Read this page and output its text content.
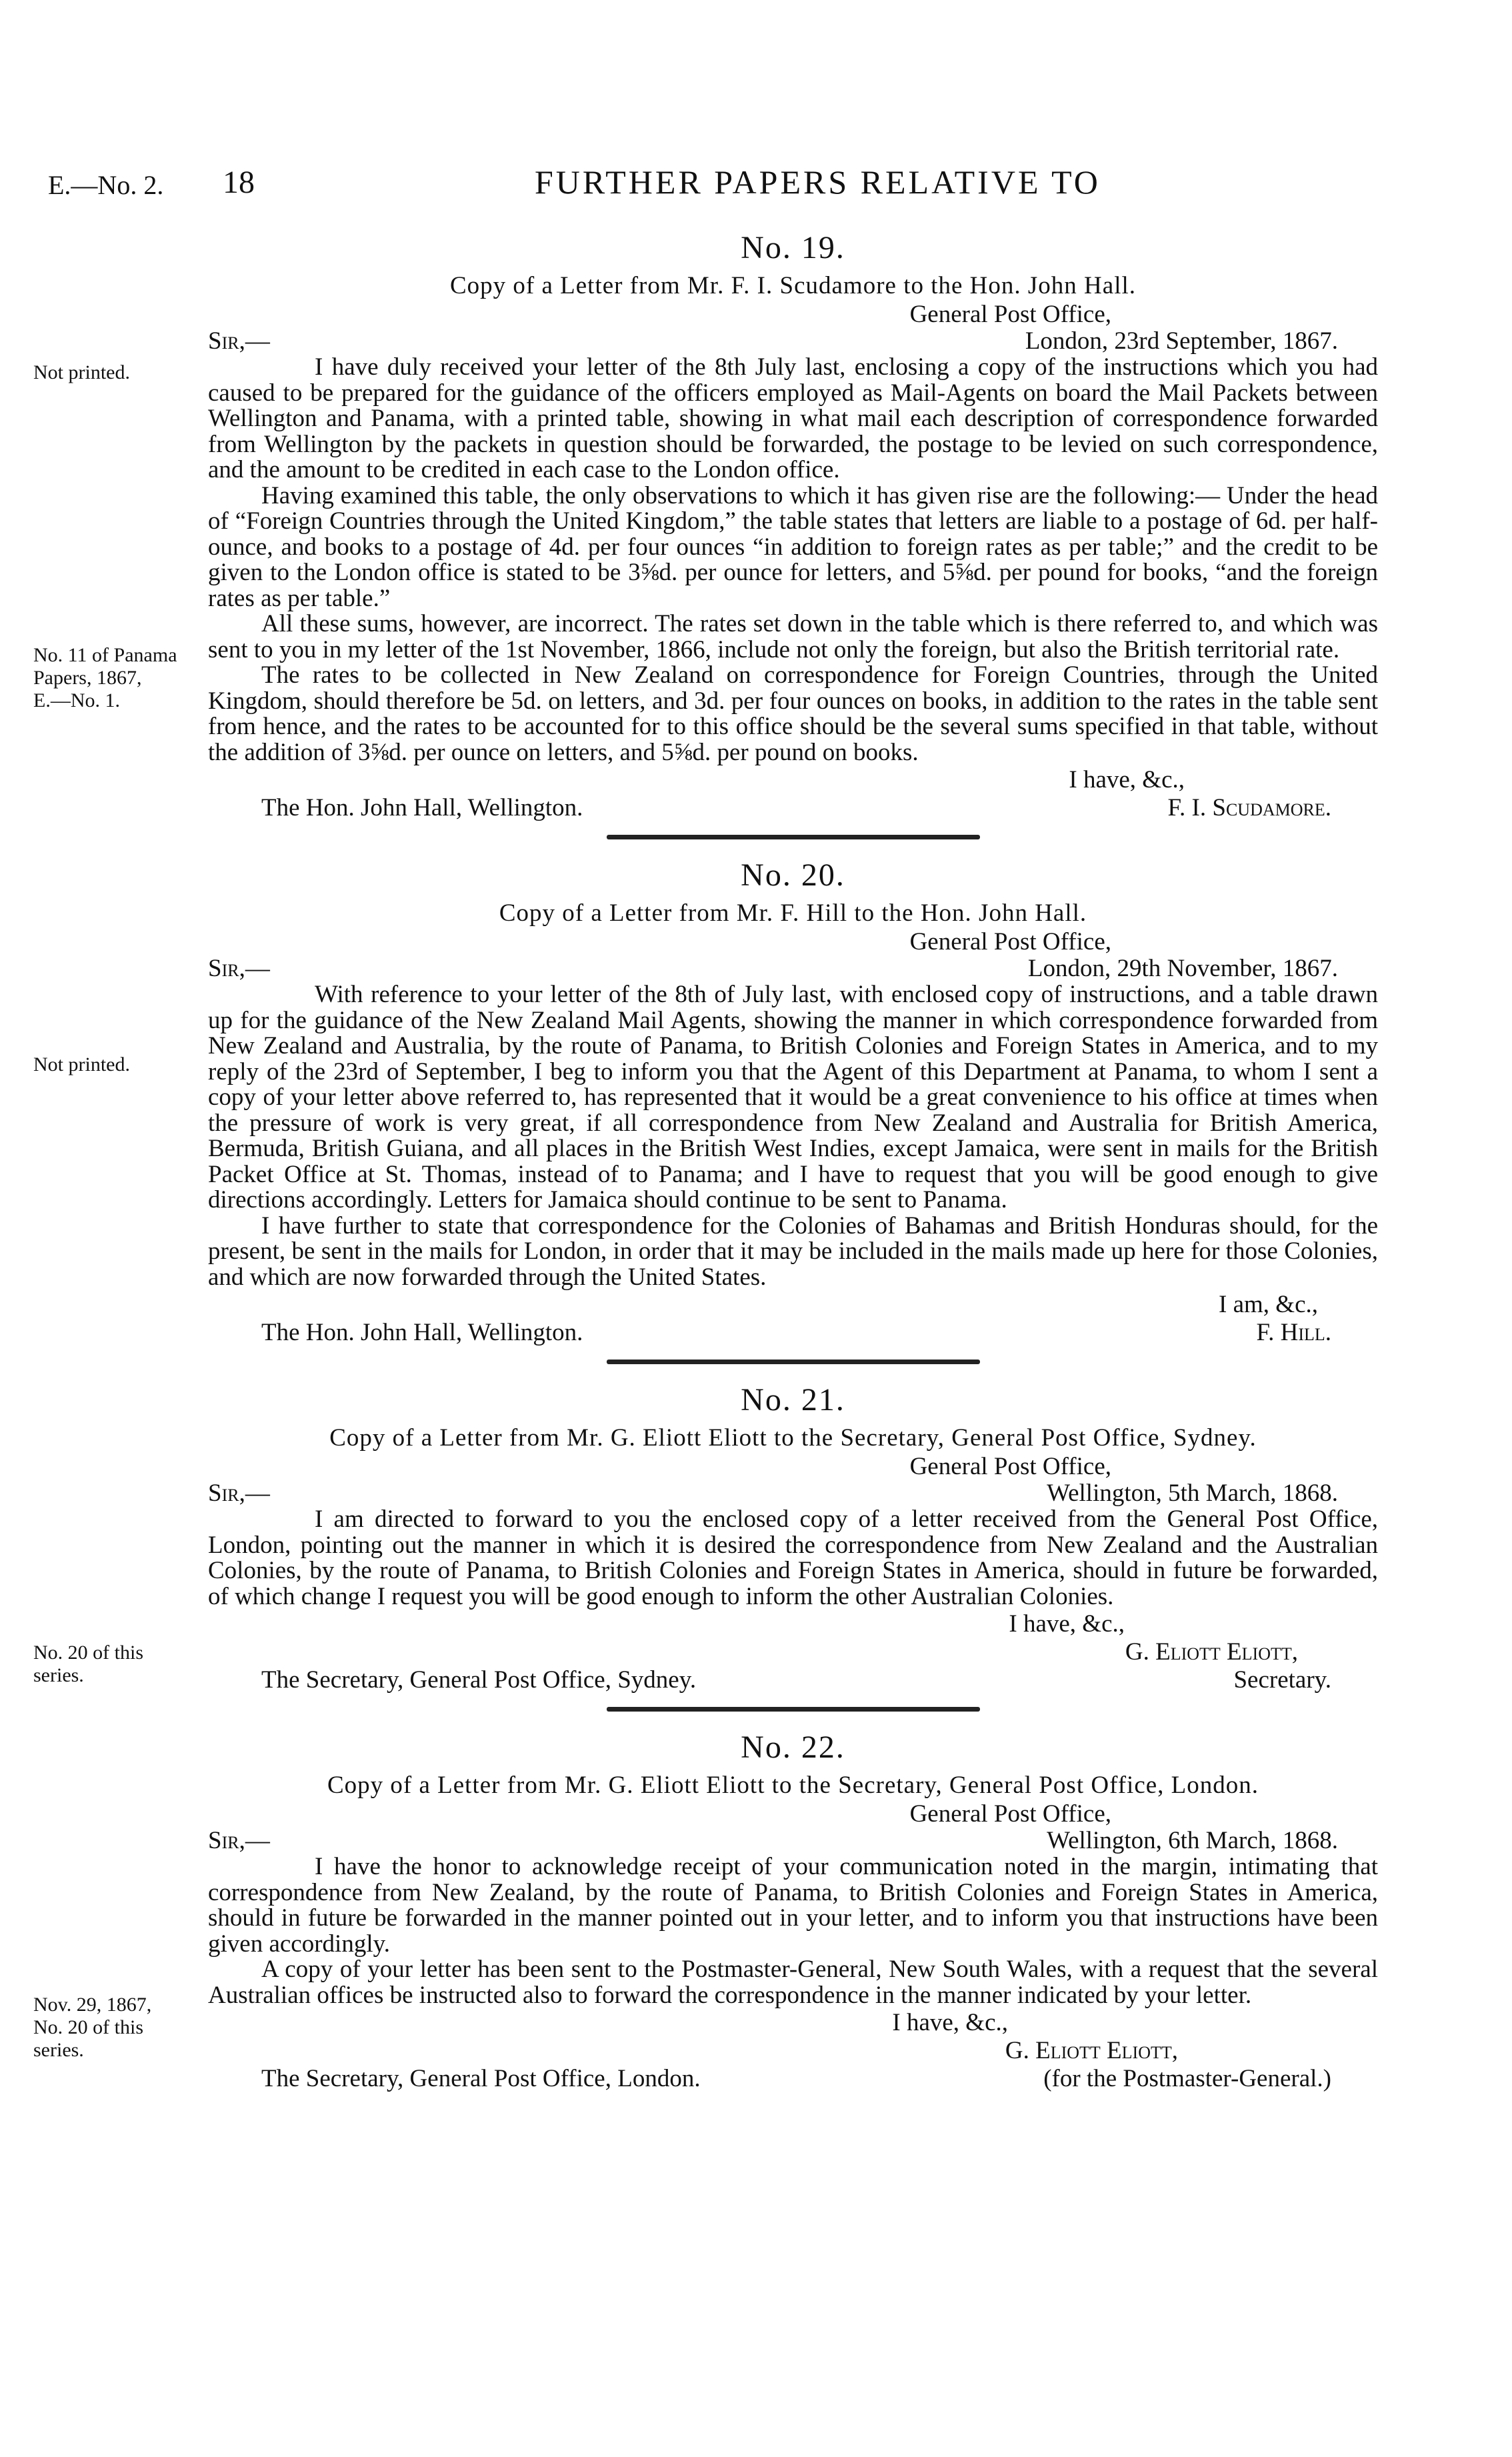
E.—No. 2. 18	FURTHER PAPERS RELATIVE TO
Not printed.
No. 11 of Panama
Papers, 1867,
E.—No. 1.
Not printed.
No. 20 of this
series.
Nov. 29, 1867,
No. 20 of this
series.
No. 19.
Copy of a Letter from Mr. F. I. Scudamore to the Hon. John Hall.
General Post Office,
Sir,—	London, 23rd September, 1867.

I have duly received your letter of the 8th July last, enclosing a copy of the instructions which you had caused to be prepared for the guidance of the officers employed as Mail-Agents on board the Mail Packets between Wellington and Panama, with a printed table, showing in what mail each description of correspondence forwarded from Wellington by the packets in question should be forwarded, the postage to be levied on such correspondence, and the amount to be credited in each case to the London office.

Having examined this table, the only observations to which it has given rise are the following:— Under the head of “Foreign Countries through the United Kingdom,” the table states that letters are liable to a postage of 6d. per half-ounce, and books to a postage of 4d. per four ounces “in addition to foreign rates as per table;” and the credit to be given to the London office is stated to be 3⅝d. per ounce for letters, and 5⅝d. per pound for books, “and the foreign rates as per table.”

All these sums, however, are incorrect. The rates set down in the table which is there referred to, and which was sent to you in my letter of the 1st November, 1866, include not only the foreign, but also the British territorial rate.

The rates to be collected in New Zealand on correspondence for Foreign Countries, through the United Kingdom, should therefore be 5d. on letters, and 3d. per four ounces on books, in addition to the rates in the table sent from hence, and the rates to be accounted for to this office should be the several sums specified in that table, without the addition of 3⅝d. per ounce on letters, and 5⅝d. per pound on books.

I have, &c.,
The Hon. John Hall, Wellington.	F. I. Scudamore.
No. 20.
Copy of a Letter from Mr. F. Hill to the Hon. John Hall.
General Post Office,
Sir,—	London, 29th November, 1867.

With reference to your letter of the 8th of July last, with enclosed copy of instructions, and a table drawn up for the guidance of the New Zealand Mail Agents, showing the manner in which correspondence forwarded from New Zealand and Australia, by the route of Panama, to British Colonies and Foreign States in America, and to my reply of the 23rd of September, I beg to inform you that the Agent of this Department at Panama, to whom I sent a copy of your letter above referred to, has represented that it would be a great convenience to his office at times when the pressure of work is very great, if all correspondence from New Zealand and Australia for British America, Bermuda, British Guiana, and all places in the British West Indies, except Jamaica, were sent in mails for the British Packet Office at St. Thomas, instead of to Panama; and I have to request that you will be good enough to give directions accordingly. Letters for Jamaica should continue to be sent to Panama.

I have further to state that correspondence for the Colonies of Bahamas and British Honduras should, for the present, be sent in the mails for London, in order that it may be included in the mails made up here for those Colonies, and which are now forwarded through the United States.

I am, &c.,
The Hon. John Hall, Wellington.	F. Hill.
No. 21.
Copy of a Letter from Mr. G. Eliott Eliott to the Secretary, General Post Office, Sydney.
General Post Office,
Sir,—	Wellington, 5th March, 1868.

I am directed to forward to you the enclosed copy of a letter received from the General Post Office, London, pointing out the manner in which it is desired the correspondence from New Zealand and the Australian Colonies, by the route of Panama, to British Colonies and Foreign States in America, should in future be forwarded, of which change I request you will be good enough to inform the other Australian Colonies.

I have, &c.,
G. Eliott Eliott,
The Secretary, General Post Office, Sydney.	Secretary.
No. 22.
Copy of a Letter from Mr. G. Eliott Eliott to the Secretary, General Post Office, London.
General Post Office,
Sir,—	Wellington, 6th March, 1868.

I have the honor to acknowledge receipt of your communication noted in the margin, intimating that correspondence from New Zealand, by the route of Panama, to British Colonies and Foreign States in America, should in future be forwarded in the manner pointed out in your letter, and to inform you that instructions have been given accordingly.

A copy of your letter has been sent to the Postmaster-General, New South Wales, with a request that the several Australian offices be instructed also to forward the correspondence in the manner indicated by your letter.

I have, &c.,
G. Eliott Eliott,
The Secretary, General Post Office, London.	(for the Postmaster-General.)
